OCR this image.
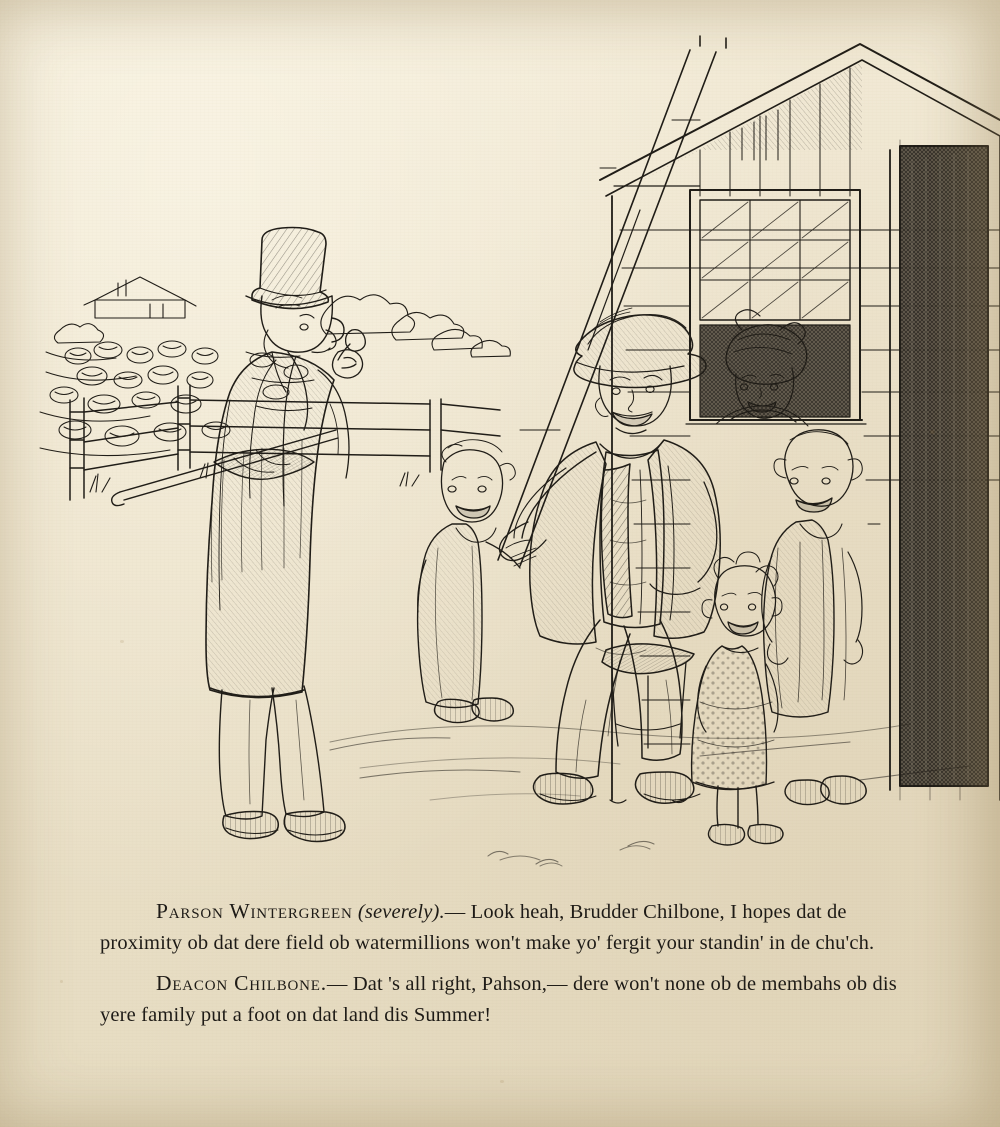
Parson Wintergreen (severely).— Look heah, Brudder Chilbone, I hopes dat de proximity ob dat dere field ob watermillions won't make yo' fergit your standin' in de chu'ch.

Deacon Chilbone.— Dat 's all right, Pahson,— dere won't none ob de membahs ob dis yere family put a foot on dat land dis Summer!
